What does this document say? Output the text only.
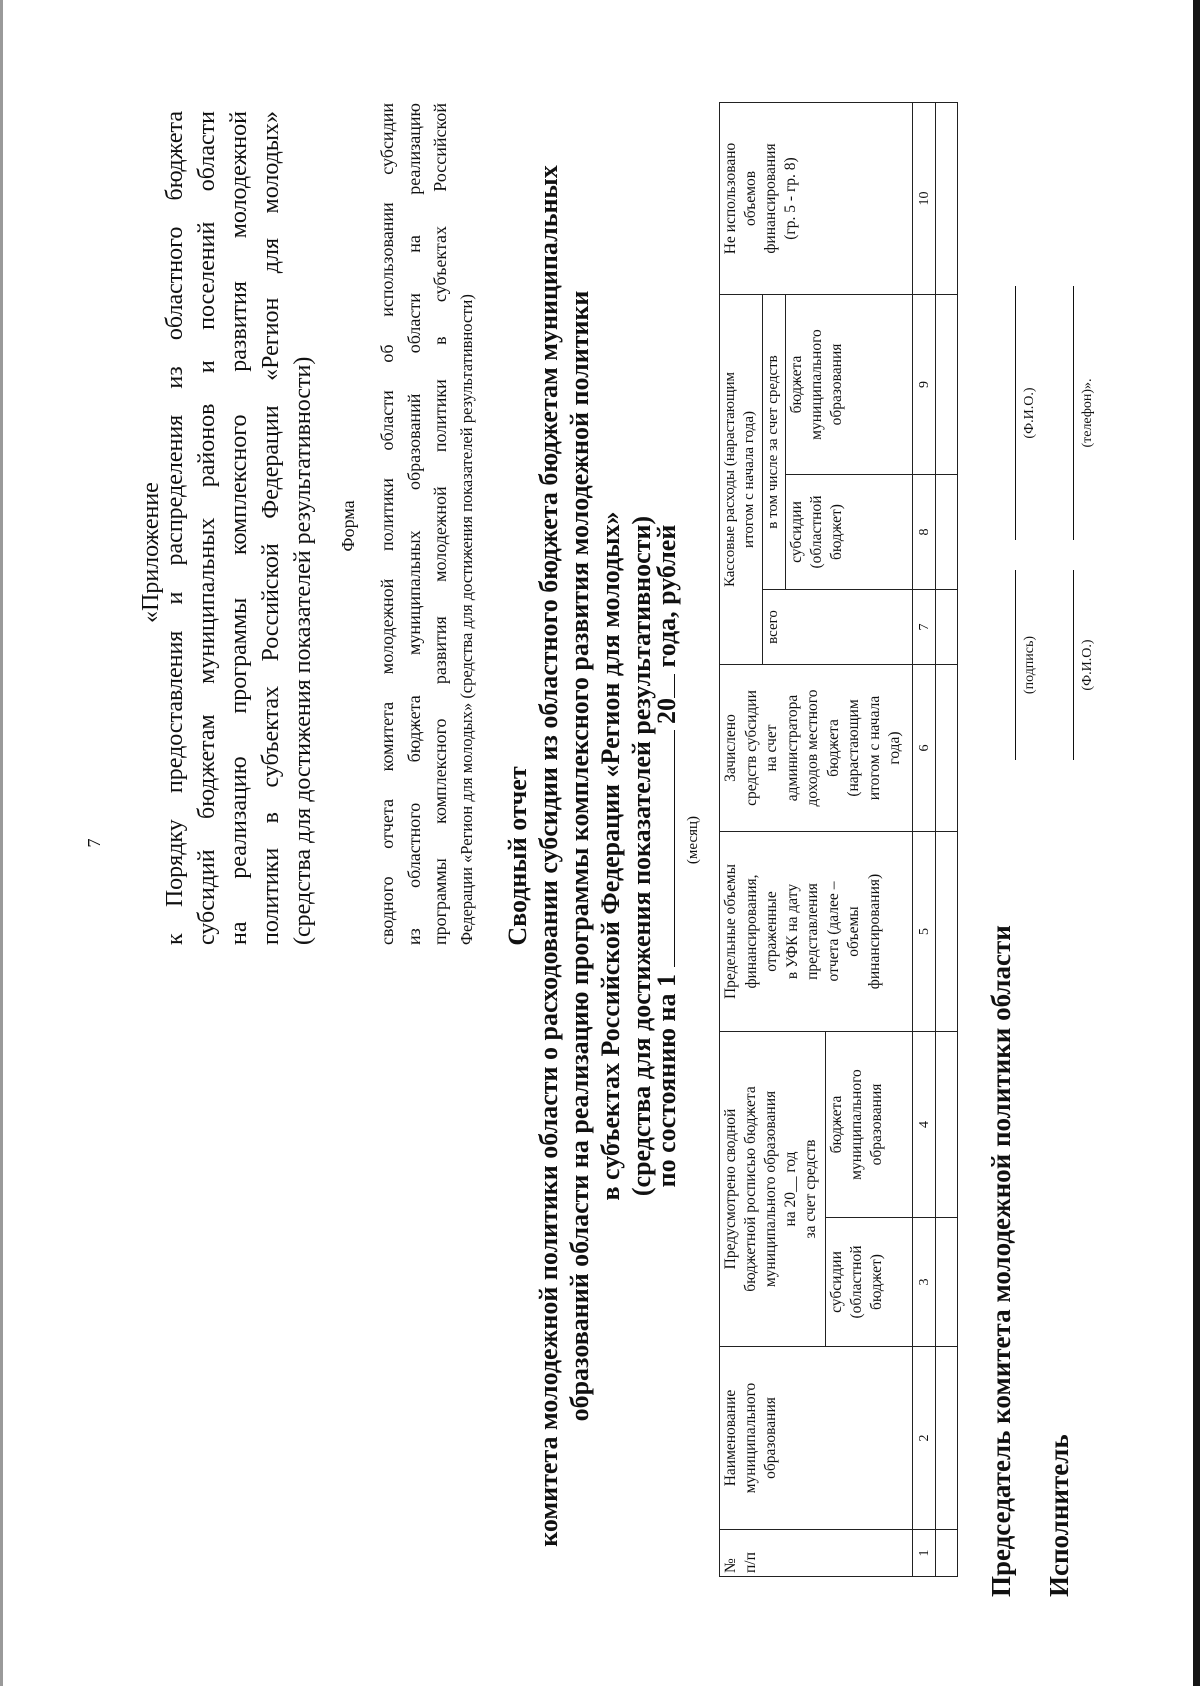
7
«Приложение
к Порядку предоставления и распределения из областного бюджета субсидий бюджетам муниципальных районов и поселений области на реализацию программы комплексного развития молодежной политики в субъектах Российской Федерации «Регион для молодых» (средства для достижения показателей результативности) Форма сводного отчета комитета молодежной политики области об использовании субсидии из областного бюджета муниципальных образований области на реализацию программы комплексного развития молодежной политики в субъектах Российской Федерации «Регион для молодых» (средства для достижения показателей результативности) Сводный отчет комитета молодежной политики области о расходовании субсидии из областного бюджета бюджетам муниципальных образований области на реализацию программы комплексного развития молодежной политики в субъектах Российской Федерации «Регион для молодых» (средства для достижения показателей результативности)
по состоянию на 1  20 года, рублей
(месяц)
№
п/п
Наименование
муниципального
образования
Предусмотрено сводной
бюджетной росписью бюджета
муниципального образования
на 20__ год
за счет средств
субсидии
(областной
бюджет)
бюджета
муниципального
образования
Предельные объемы
финансирования,
отраженные
в УФК на дату
представления
отчета (далее –
объемы
финансирования)
Зачислено
средств субсидии
на счет
администратора
доходов местного
бюджета
(нарастающим
итогом с начала
года)
Кассовые расходы (нарастающим
итогом с начала года)
всего
в том числе за счет средств
субсидии
(областной
бюджет)
бюджета
муниципального
образования
Не использовано
объемов
финансирования
(гр. 5 - гр. 8)
1
2
3
4
5
6
7
8
9
10
Председатель комитета молодежной политики области
(подпись)
(Ф.И.О.)
Исполнитель
(Ф.И.О.)
(телефон)».
